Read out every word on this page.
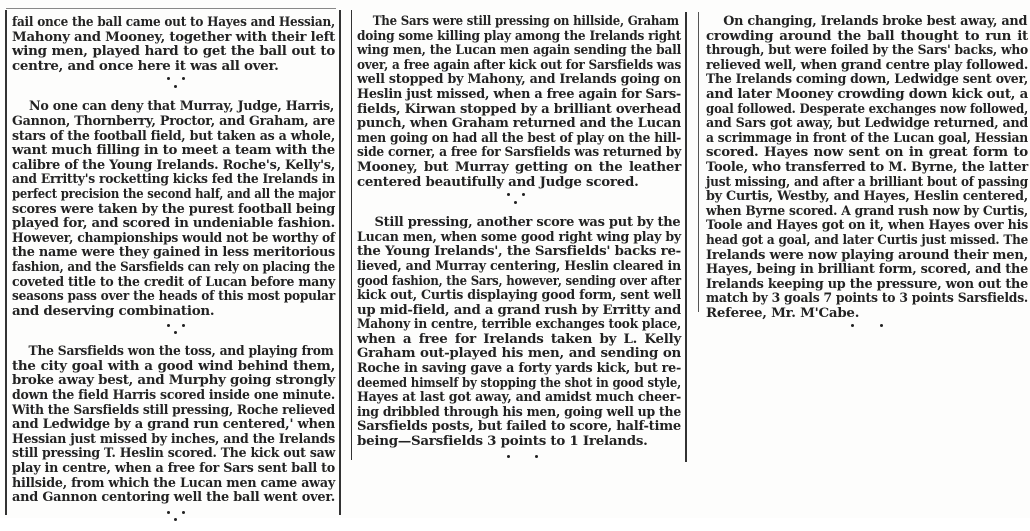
fail once the ball came out to Hayes and Hessian,
Mahony and Mooney, together with their left
wing men, played hard to get the ball out to
centre, and once here it was all over.
No one can deny that Murray, Judge, Harris,
Gannon, Thornberry, Proctor, and Graham, are
stars of the football field, but taken as a whole,
want much filling in to meet a team with the
calibre of the Young Irelands. Roche's, Kelly's,
and Erritty's rocketting kicks fed the Irelands in
perfect precision the second half, and all the major
scores were taken by the purest football being
played for, and scored in undeniable fashion.
However, championships would not be worthy of
the name were they gained in less meritorious
fashion, and the Sarsfields can rely on placing the
coveted title to the credit of Lucan before many
seasons pass over the heads of this most popular
and deserving combination.
The Sarsfields won the toss, and playing from
the city goal with a good wind behind them,
broke away best, and Murphy going strongly
down the field Harris scored inside one minute.
With the Sarsfields still pressing, Roche relieved
and Ledwidge by a grand run centered,' when
Hessian just missed by inches, and the Irelands
still pressing T. Heslin scored. The kick out saw
play in centre, when a free for Sars sent ball to
hillside, from which the Lucan men came away
and Gannon centoring well the ball went over.
The Sars were still pressing on hillside, Graham
doing some killing play among the Irelands right
wing men, the Lucan men again sending the ball
over, a free again after kick out for Sarsfields was
well stopped by Mahony, and Irelands going on
Heslin just missed, when a free again for Sars-
fields, Kirwan stopped by a brilliant overhead
punch, when Graham returned and the Lucan
men going on had all the best of play on the hill-
side corner, a free for Sarsfields was returned by
Mooney, but Murray getting on the leather
centered beautifully and Judge scored.
Still pressing, another score was put by the
Lucan men, when some good right wing play by
the Young Irelands', the Sarsfields' backs re-
lieved, and Murray centering, Heslin cleared in
good fashion, the Sars, however, sending over after
kick out, Curtis displaying good form, sent well
up mid-field, and a grand rush by Erritty and
Mahony in centre, terrible exchanges took place,
when a free for Irelands taken by L. Kelly
Graham out-played his men, and sending on
Roche in saving gave a forty yards kick, but re-
deemed himself by stopping the shot in good style,
Hayes at last got away, and amidst much cheer-
ing dribbled through his men, going well up the
Sarsfields posts, but failed to score, half-time
being—Sarsfields 3 points to 1 Irelands.
On changing, Irelands broke best away, and
crowding around the ball thought to run it
through, but were foiled by the Sars' backs, who
relieved well, when grand centre play followed.
The Irelands coming down, Ledwidge sent over,
and later Mooney crowding down kick out, a
goal followed. Desperate exchanges now followed,
and Sars got away, but Ledwidge returned, and
a scrimmage in front of the Lucan goal, Hessian
scored. Hayes now sent on in great form to
Toole, who transferred to M. Byrne, the latter
just missing, and after a brilliant bout of passing
by Curtis, Westby, and Hayes, Heslin centered,
when Byrne scored. A grand rush now by Curtis,
Toole and Hayes got on it, when Hayes over his
head got a goal, and later Curtis just missed. The
Irelands were now playing around their men,
Hayes, being in brilliant form, scored, and the
Irelands keeping up the pressure, won out the
match by 3 goals 7 points to 3 points Sarsfields.
Referee, Mr. M'Cabe.
